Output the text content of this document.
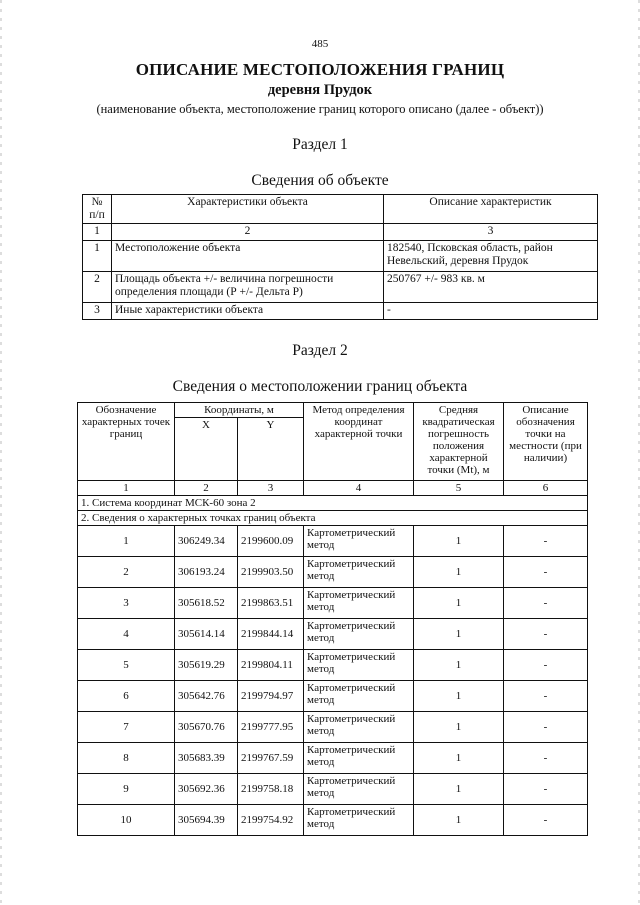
485
ОПИСАНИЕ МЕСТОПОЛОЖЕНИЯ ГРАНИЦ
деревня Прудок
(наименование объекта, местоположение границ которого описано (далее - объект))
Раздел 1
Сведения об объекте
№ п/п	Характеристики объекта	Описание характеристик
1	2	3
1	Местоположение объекта	182540, Псковская область, район Невельский, деревня Прудок
2	Площадь объекта +/- величина погрешности определения площади (Р +/- Дельта Р)	250767 +/- 983 кв. м
3	Иные характеристики объекта	-
Раздел 2
Сведения о местоположении границ объекта
Обозначение характерных точек границ	Координаты, м		Метод определения координат характерной точки	Средняя квадратическая погрешность положения характерной точки (Mt), м	Описание обозначения точки на местности (при наличии)
	X	Y			
1	2	3	4	5	6
1. Система координат МСК-60 зона 2					
2. Сведения о характерных точках границ объекта					
1	306249.34	2199600.09	Картометрический метод	1	-
2	306193.24	2199903.50	Картометрический метод	1	-
3	305618.52	2199863.51	Картометрический метод	1	-
4	305614.14	2199844.14	Картометрический метод	1	-
5	305619.29	2199804.11	Картометрический метод	1	-
6	305642.76	2199794.97	Картометрический метод	1	-
7	305670.76	2199777.95	Картометрический метод	1	-
8	305683.39	2199767.59	Картометрический метод	1	-
9	305692.36	2199758.18	Картометрический метод	1	-
10	305694.39	2199754.92	Картометрический метод	1	-
